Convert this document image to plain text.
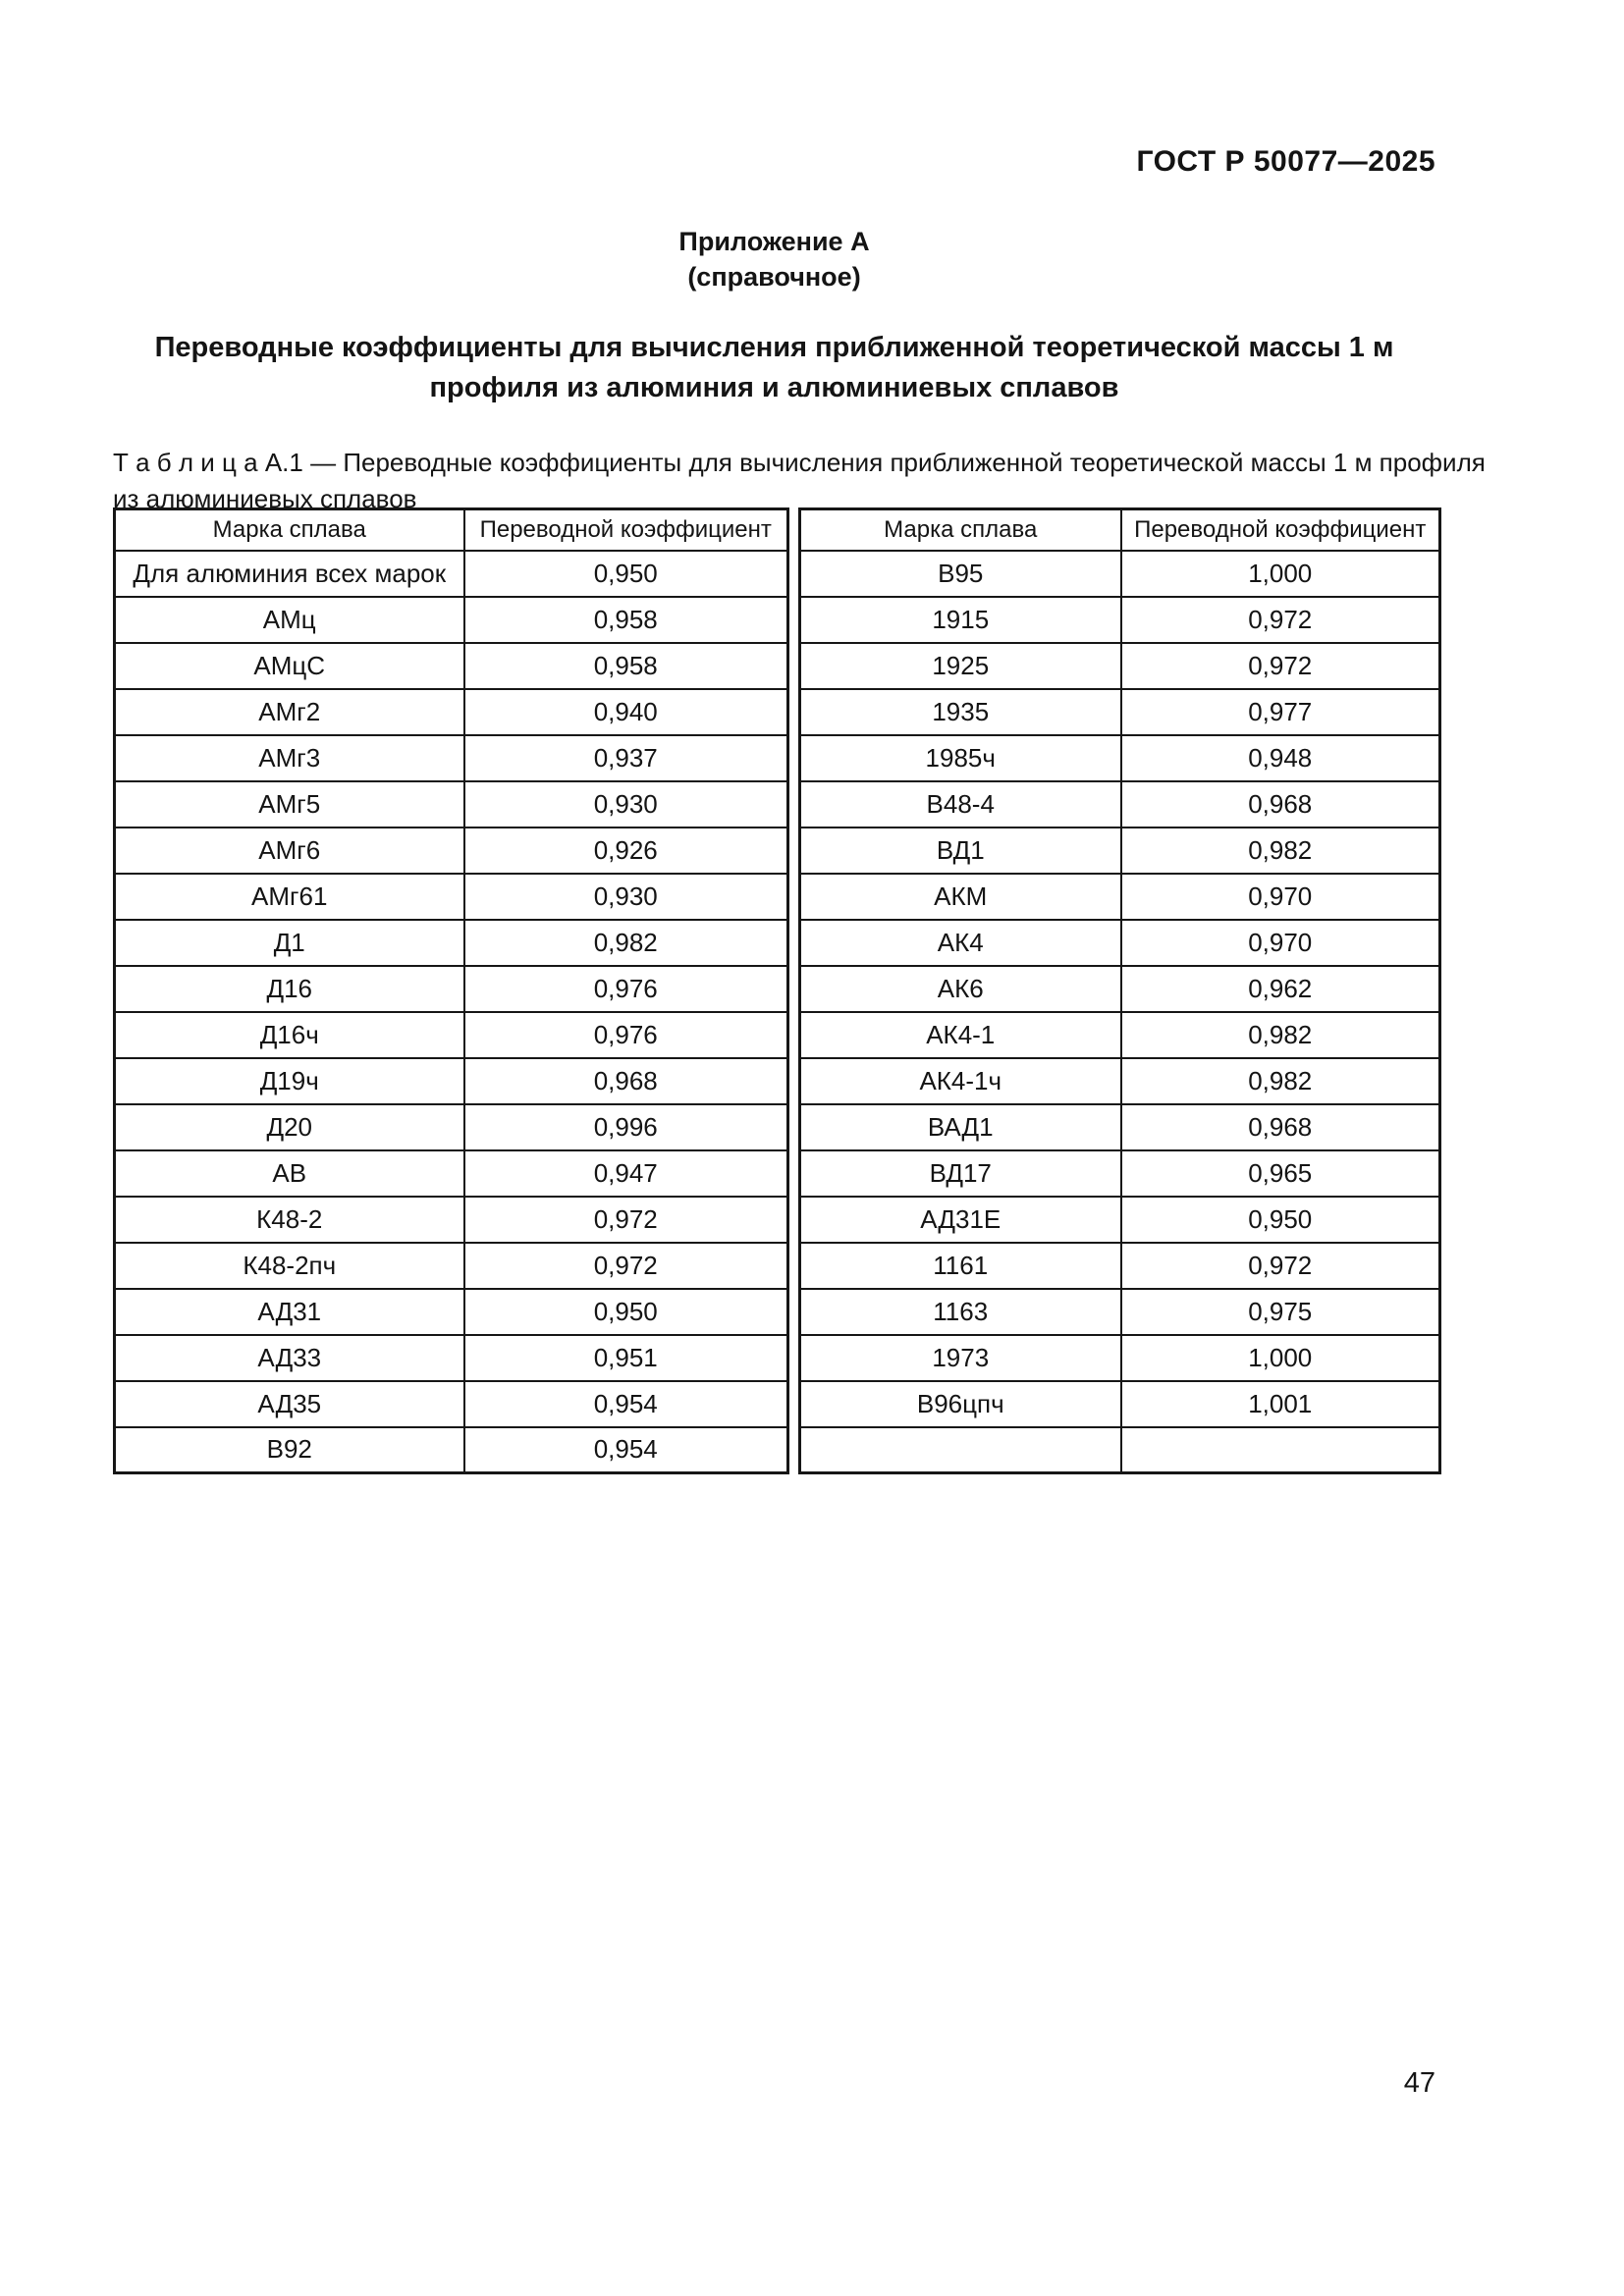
ГОСТ Р 50077—2025
Приложение А
(справочное)
Переводные коэффициенты для вычисления приближенной теоретической массы 1 м
профиля из алюминия и алюминиевых сплавов
Т а б л и ц а А.1 — Переводные коэффициенты для вычисления приближенной теоретической массы 1 м профиля
из алюминиевых сплавов
Марка сплава	Переводной коэффициент
Для алюминия всех марок	0,950
АМц	0,958
АМцС	0,958
АМг2	0,940
АМг3	0,937
АМг5	0,930
АМг6	0,926
АМг61	0,930
Д1	0,982
Д16	0,976
Д16ч	0,976
Д19ч	0,968
Д20	0,996
АВ	0,947
К48-2	0,972
К48-2пч	0,972
АД31	0,950
АД33	0,951
АД35	0,954
В92	0,954
Марка сплава	Переводной коэффициент
В95	1,000
1915	0,972
1925	0,972
1935	0,977
1985ч	0,948
В48-4	0,968
ВД1	0,982
АКМ	0,970
АК4	0,970
АК6	0,962
АК4-1	0,982
АК4-1ч	0,982
ВАД1	0,968
ВД17	0,965
АД31Е	0,950
1161	0,972
1163	0,975
1973	1,000
В96цпч	1,001

47
